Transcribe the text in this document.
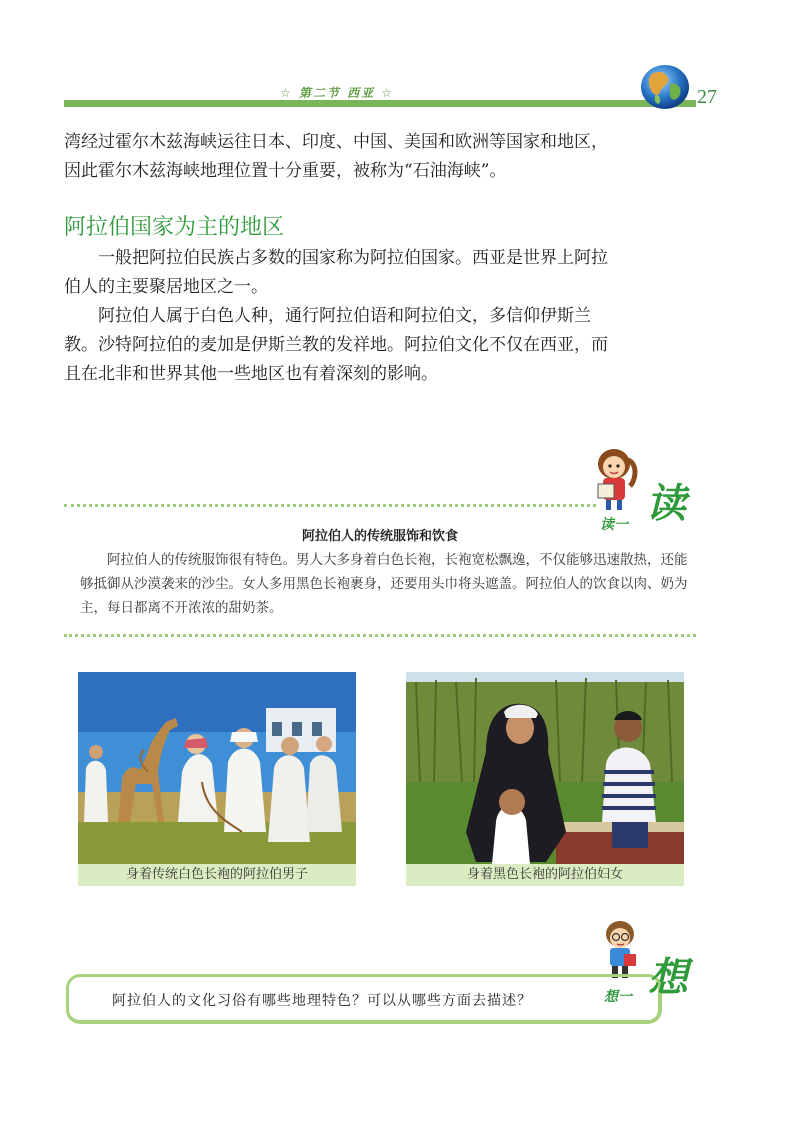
☆ 第二节 西亚 ☆	27

湾经过霍尔木兹海峡运往日本、印度、中国、美国和欧洲等国家和地区，因此霍尔木兹海峡地理位置十分重要，被称为“石油海峡”。

阿拉伯国家为主的地区

一般把阿拉伯民族占多数的国家称为阿拉伯国家。西亚是世界上阿拉伯人的主要聚居地区之一。

阿拉伯人属于白色人种，通行阿拉伯语和阿拉伯文，多信仰伊斯兰教。沙特阿拉伯的麦加是伊斯兰教的发祥地。阿拉伯文化不仅在西亚，而且在北非和世界其他一些地区也有着深刻的影响。

读一 读
阿拉伯人的传统服饰和饮食

阿拉伯人的传统服饰很有特色。男人大多身着白色长袍，长袍宽松飘逸，不仅能够迅速散热，还能够抵御从沙漠袭来的沙尘。女人多用黑色长袍裹身，还要用头巾将头遮盖。阿拉伯人的饮食以肉、奶为主，每日都离不开浓浓的甜奶茶。

身着传统白色长袍的阿拉伯男子	身着黑色长袍的阿拉伯妇女
阿拉伯人的文化习俗有哪些地理特色？可以从哪些方面去描述？	想一 想
